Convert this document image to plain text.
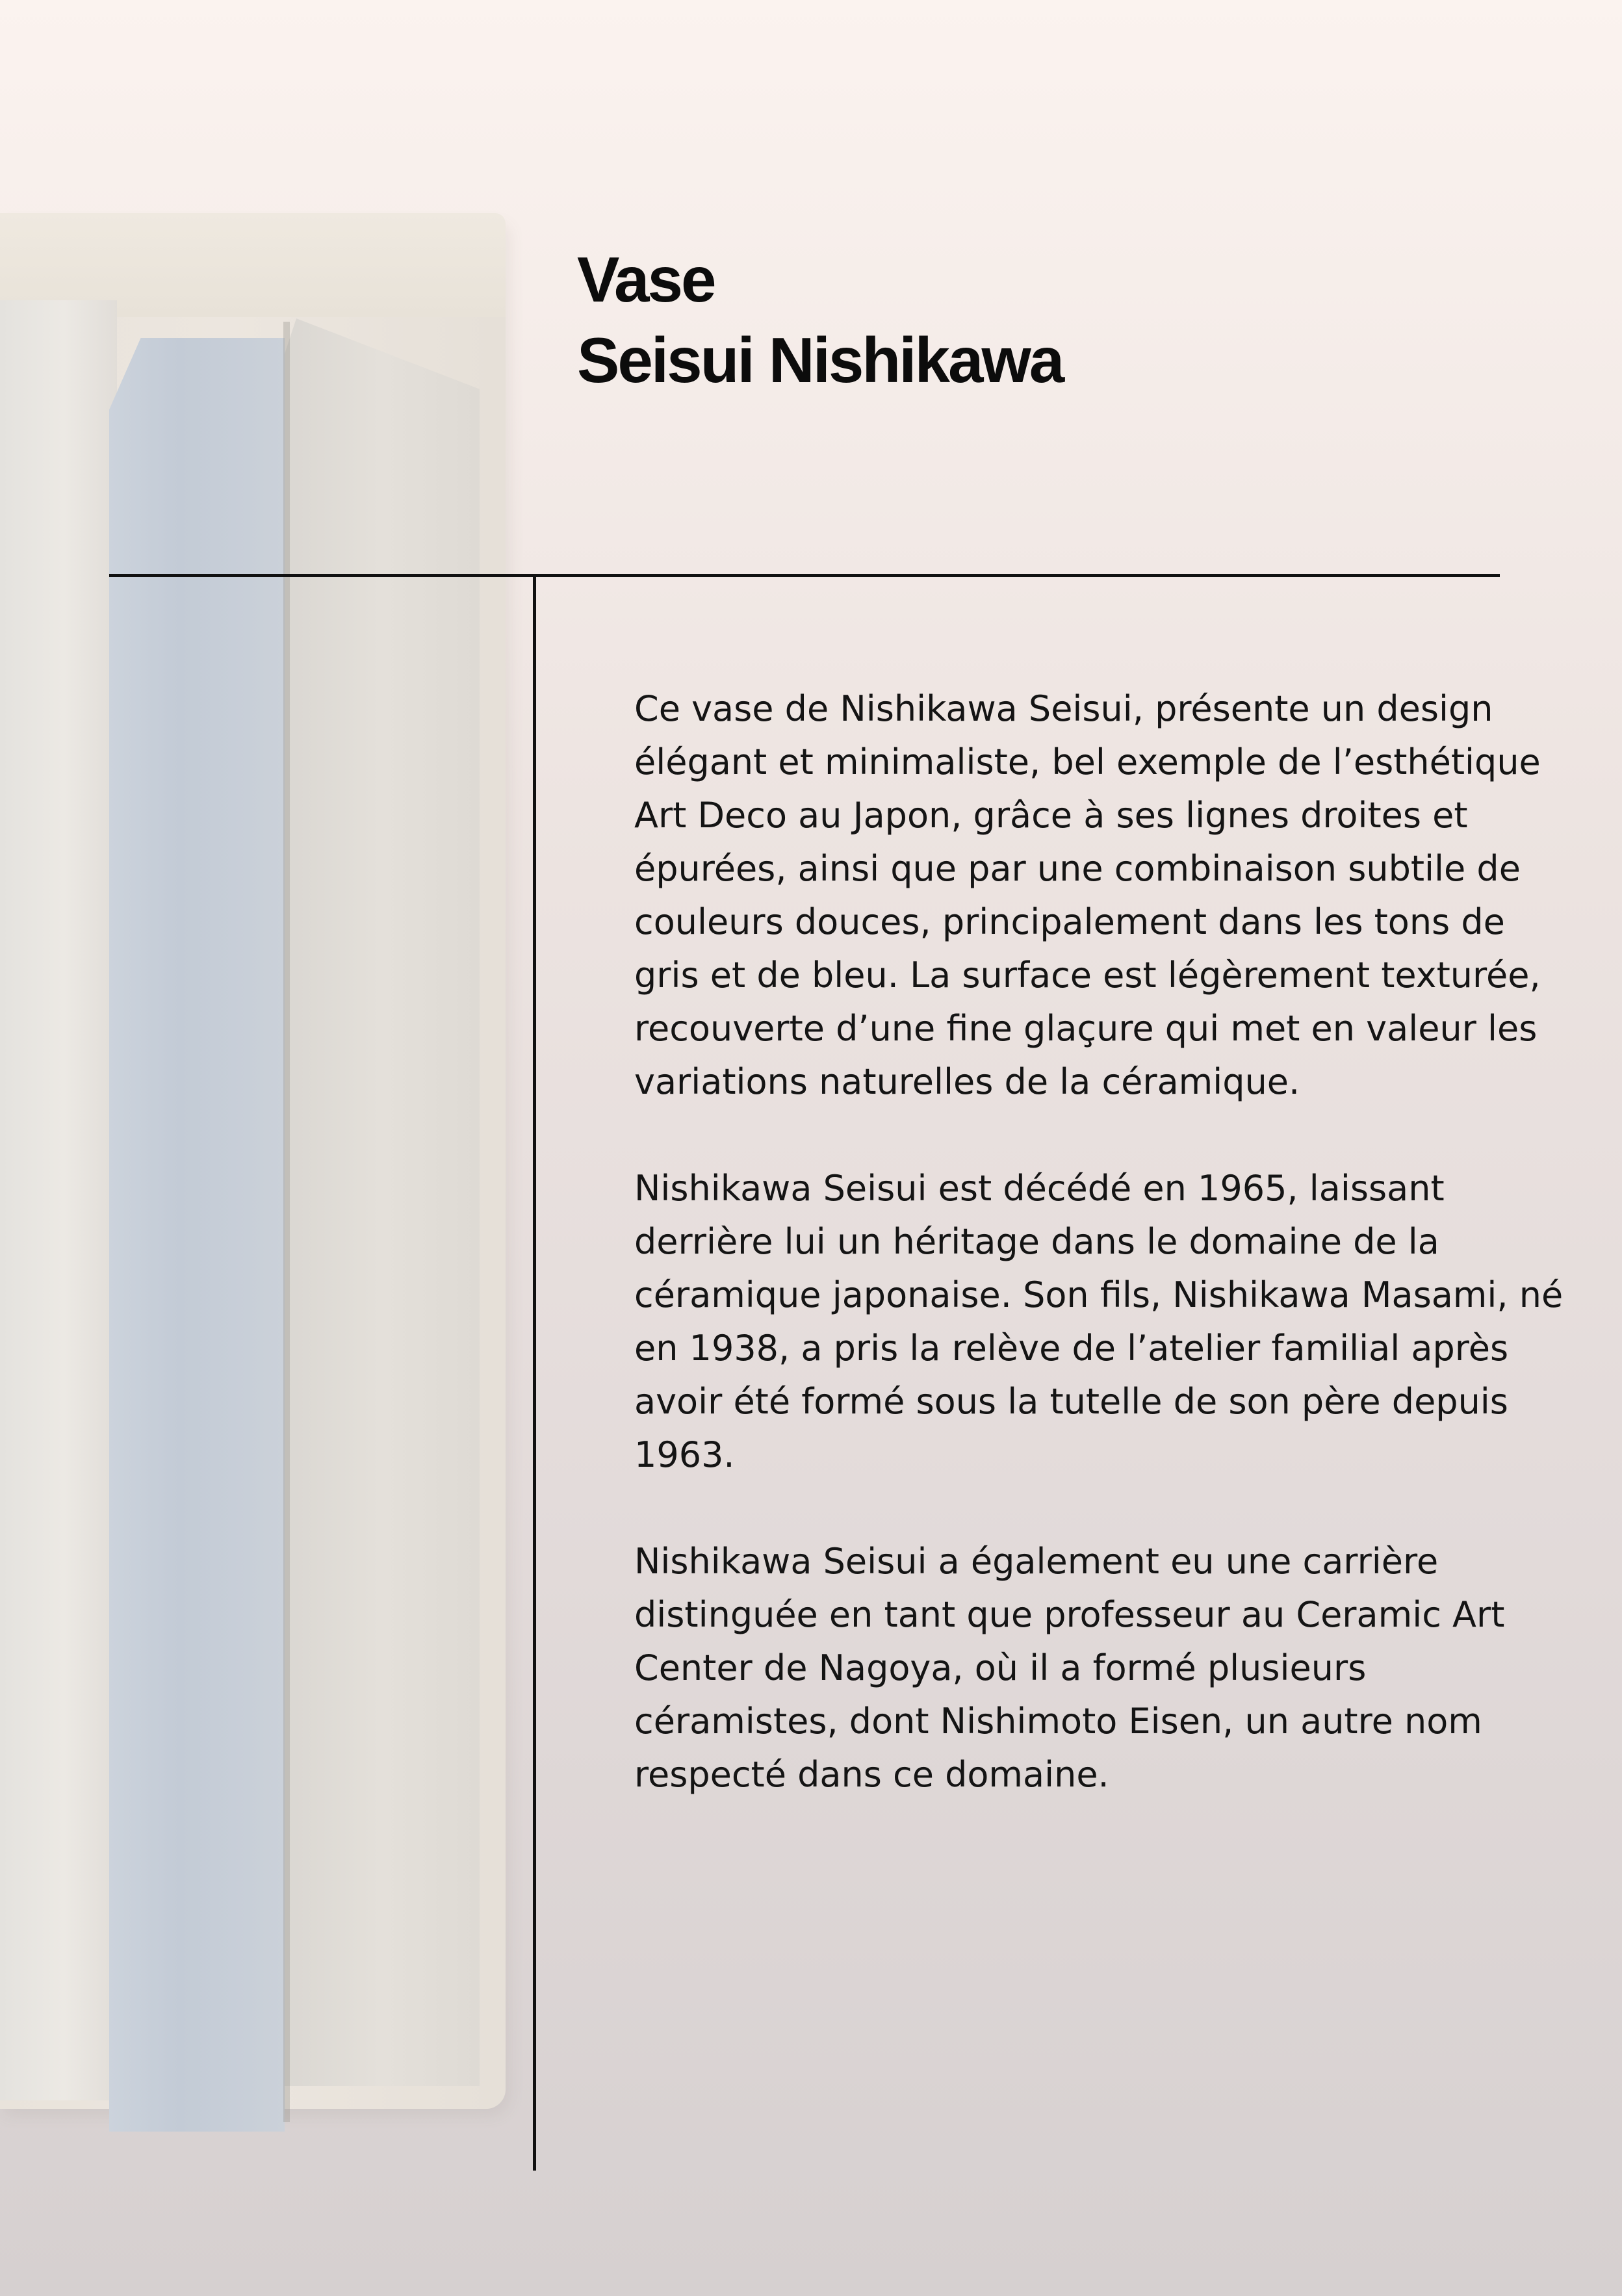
Vase
Seisui Nishikawa

Ce vase de Nishikawa Seisui, présente un design
élégant et minimaliste, bel exemple de l’esthétique
Art Deco au Japon, grâce à ses lignes droites et
épurées, ainsi que par une combinaison subtile de
couleurs douces, principalement dans les tons de
gris et de bleu. La surface est légèrement texturée,
recouverte d’une fine glaçure qui met en valeur les
variations naturelles de la céramique.

Nishikawa Seisui est décédé en 1965, laissant
derrière lui un héritage dans le domaine de la
céramique japonaise. Son fils, Nishikawa Masami, né
en 1938, a pris la relève de l’atelier familial après
avoir été formé sous la tutelle de son père depuis
1963.

Nishikawa Seisui a également eu une carrière
distinguée en tant que professeur au Ceramic Art
Center de Nagoya, où il a formé plusieurs
céramistes, dont Nishimoto Eisen, un autre nom
respecté dans ce domaine.
